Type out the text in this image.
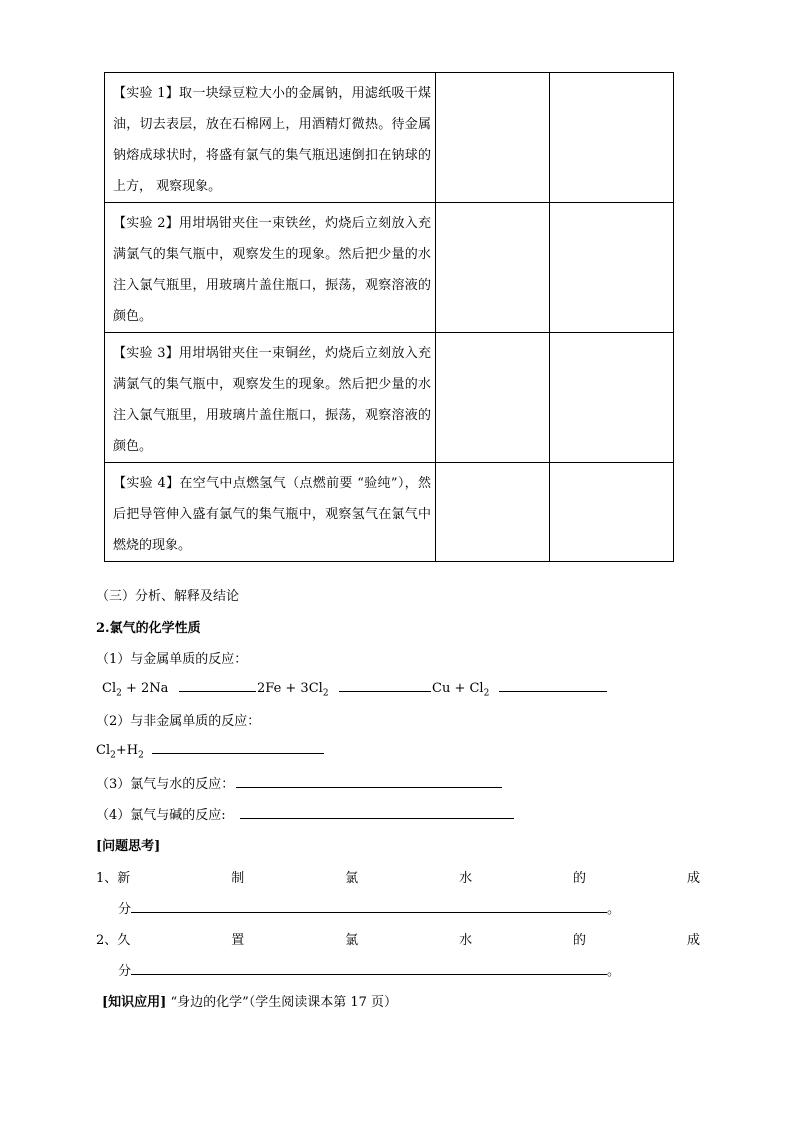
【实验 1】取一块绿豆粒大小的金属钠，用滤纸吸干煤油，切去表层，放在石棉网上，用酒精灯微热。待金属钠熔成球状时，将盛有氯气的集气瓶迅速倒扣在钠球的上方， 观察现象。		

【实验 2】用坩埚钳夹住一束铁丝，灼烧后立刻放入充满氯气的集气瓶中，观察发生的现象。然后把少量的水注入氯气瓶里，用玻璃片盖住瓶口，振荡，观察溶液的颜色。		

【实验 3】用坩埚钳夹住一束铜丝，灼烧后立刻放入充满氯气的集气瓶中，观察发生的现象。然后把少量的水注入氯气瓶里，用玻璃片盖住瓶口，振荡，观察溶液的颜色。		

【实验 4】在空气中点燃氢气（点燃前要 “验纯”），然后把导管伸入盛有氯气的集气瓶中，观察氢气在氯气中燃烧的现象。		

（三）分析、解释及结论
2.氯气的化学性质
（1）与金属单质的反应：
$Cl_2 + 2Na$	$2Fe + 3Cl_2$	$Cu + Cl_2$
（2）与非金属单质的反应：
$Cl_2+H_2$
（3）氯气与水的反应：
（4）氯气与碱的反应:
[问题思考]
1、新	制	氯	水	的	成
分	。
2、久	置	氯	水	的	成
分	。
[知识应用] “身边的化学”（学生阅读课本第 17 页）
